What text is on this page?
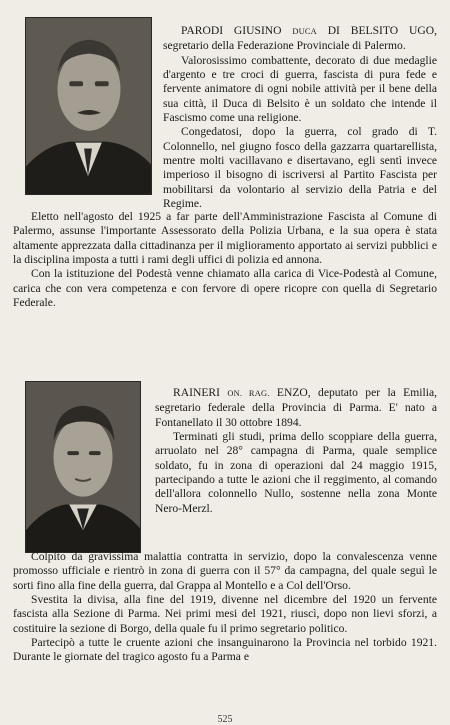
PARODI GIUSINO DUCA DI BELSITO UGO, segretario della Federazione Provinciale di Palermo.

Valorosissimo combattente, decorato di due medaglie d'argento e tre croci di guerra, fascista di pura fede e fervente animatore di ogni nobile attività per il bene della sua città, il Duca di Belsito è un soldato che intende il Fascismo come una religione.

Congedatosi, dopo la guerra, col grado di T. Colonnello, nel giugno fosco della gazzarra quartarellista, mentre molti vacillavano e disertavano, egli sentì invece imperioso il bisogno di iscriversi al Partito Fascista per mobilitarsi da volontario al servizio della Patria e del Regime.

Eletto nell'agosto del 1925 a far parte dell'Amministrazione Fascista al Comune di Palermo, assunse l'importante Assessorato della Polizia Urbana, e la sua opera è stata altamente apprezzata dalla cittadinanza per il miglioramento apportato ai servizi pubblici e la disciplina imposta a tutti i rami degli uffici di polizia ed annona.

Con la istituzione del Podestà venne chiamato alla carica di Vice-Podestà al Comune, carica che con vera competenza e con fervore di opere ricopre con quella di Segretario Federale.

RAINERI ON. RAG. ENZO, deputato per la Emilia, segretario federale della Provincia di Parma. E' nato a Fontanellato il 30 ottobre 1894.

Terminati gli studi, prima dello scoppiare della guerra, arruolato nel 28° campagna di Parma, quale semplice soldato, fu in zona di operazioni dal 24 maggio 1915, partecipando a tutte le azioni che il reggimento, al comando dell'allora colonnello Nullo, sostenne nella zona Monte Nero-Merzl.

Colpito da gravissima malattia contratta in servizio, dopo la convalescenza venne promosso ufficiale e rientrò in zona di guerra con il 57° da campagna, del quale seguì le sorti fino alla fine della guerra, dal Grappa al Montello e a Col dell'Orso.

Svestita la divisa, alla fine del 1919, divenne nel dicembre del 1920 un fervente fascista alla Sezione di Parma. Nei primi mesi del 1921, riuscì, dopo non lievi sforzi, a costituire la sezione di Borgo, della quale fu il primo segretario politico.

Partecipò a tutte le cruente azioni che insanguinarono la Provincia nel torbido 1921. Durante le giornate del tragico agosto fu a Parma e

525
